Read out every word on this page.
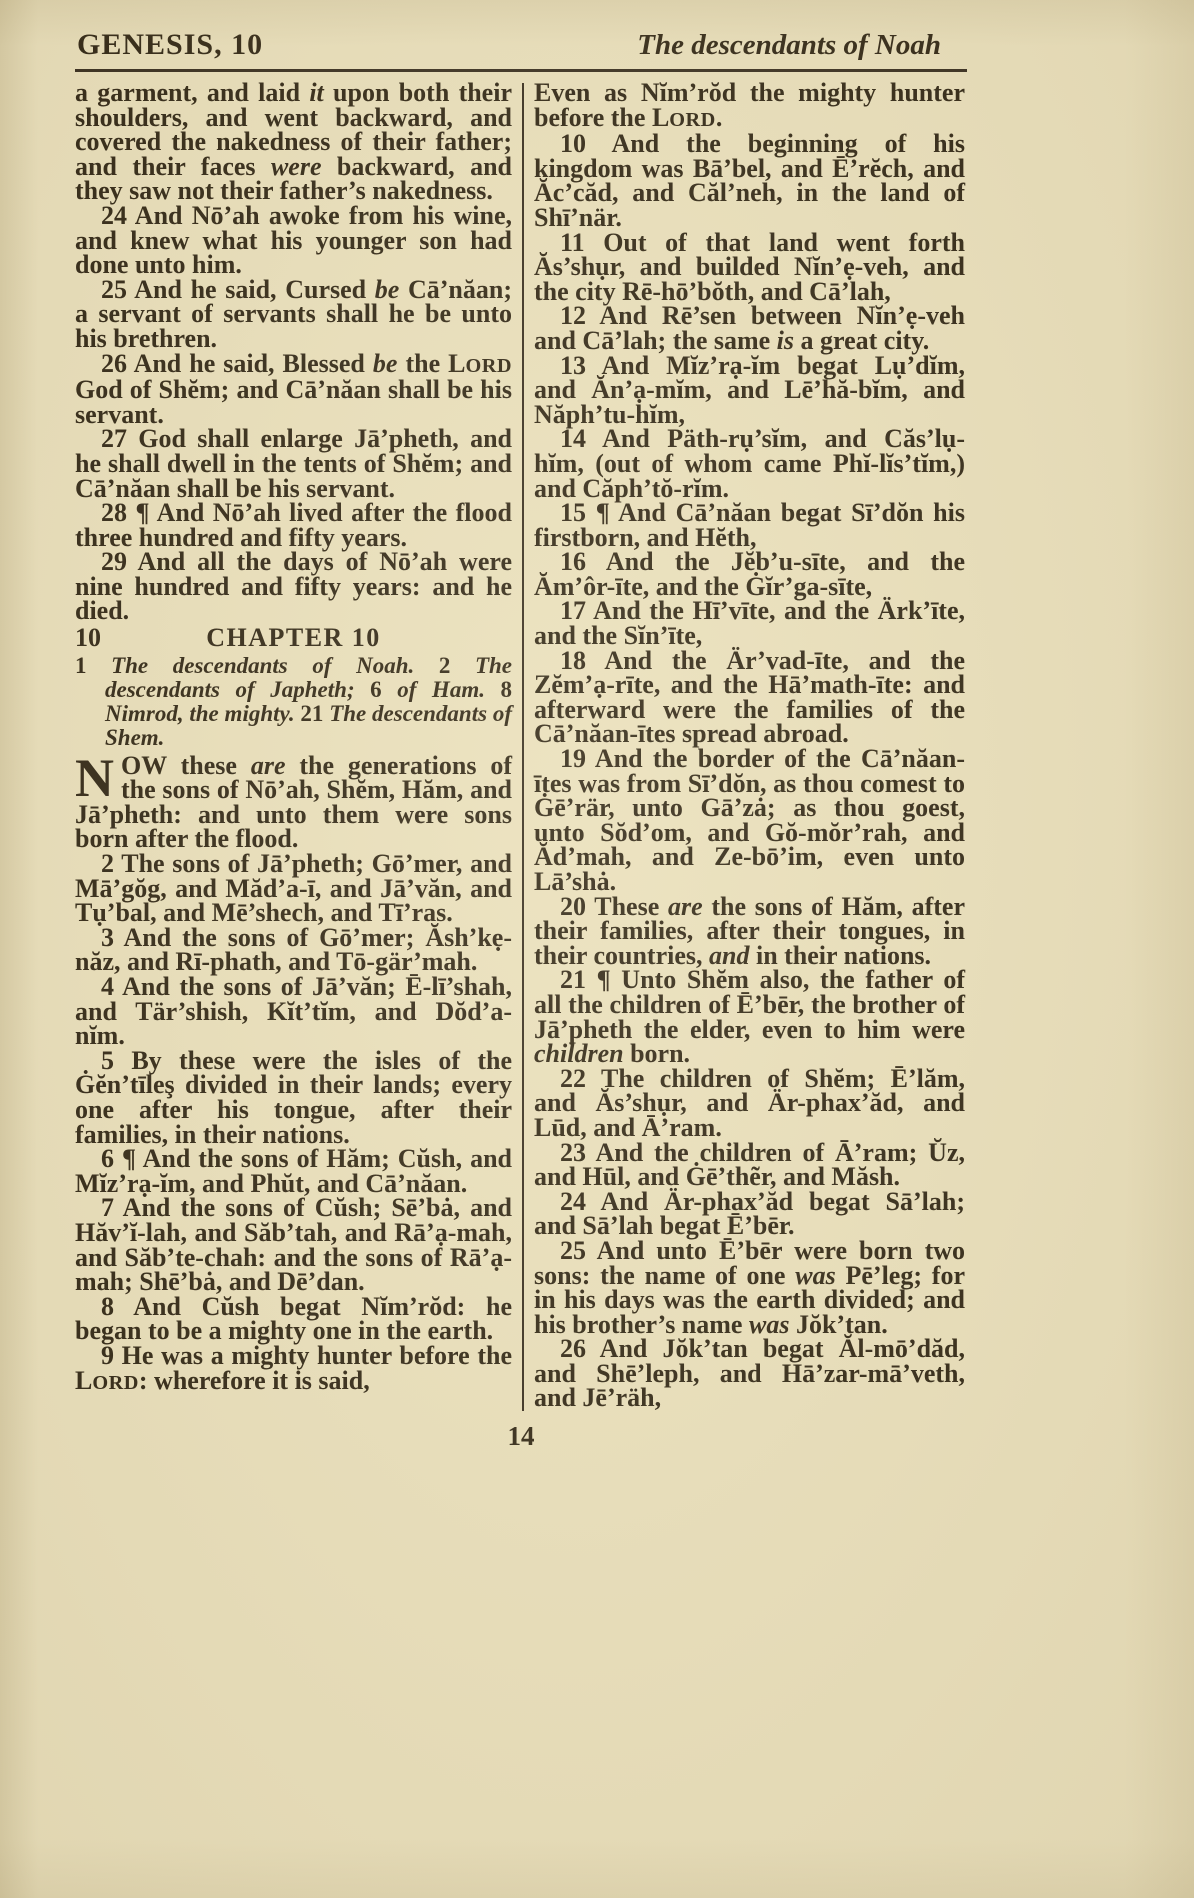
GENESIS, 10	The descendants of Noah

a garment, and laid it upon both their shoulders, and went backward, and covered the nakedness of their father; and their faces were backward, and they saw not their father’s nakedness.

24 And Nō’ah awoke from his wine, and knew what his younger son had done unto him.

25 And he said, Cursed be Cā’năan; a servant of servants shall he be unto his brethren.

26 And he said, Blessed be the LORD God of Shĕm; and Cā’năan shall be his servant.

27 God shall enlarge Jā’pheth, and he shall dwell in the tents of Shĕm; and Cā’năan shall be his servant.

28 ¶ And Nō’ah lived after the flood three hundred and fifty years.

29 And all the days of Nō’ah were nine hundred and fifty years: and he died.

10	CHAPTER 10

1 The descendants of Noah. 2 The descendants of Japheth; 6 of Ham. 8 Nimrod, the mighty. 21 The descendants of Shem.

NOW these are the generations of the sons of Nō’ah, Shĕm, Hăm, and Jā’pheth: and unto them were sons born after the flood.

2 The sons of Jā’pheth; Gō’mer, and Mā’gŏg, and Măd’a-ī, and Jā’văn, and Tụ’bal, and Mē’shech, and Tī’ras.

3 And the sons of Gō’mer; Ăsh’kẹ-năz, and Rī-phath, and Tō-gär’mah.

4 And the sons of Jā’văn; Ē-lī’shah, and Tär’shish, Kĭt’tĭm, and Dŏd’a-nĭm.

5 By these were the isles of the Ġĕn’tīleş divided in their lands; every one after his tongue, after their families, in their nations.

6 ¶ And the sons of Hăm; Cŭsh, and Mĭz’rạ-ĭm, and Phŭt, and Cā’năan.

7 And the sons of Cŭsh; Sē’bȧ, and Hăv’ĭ-lah, and Săb’tah, and Rā’ạ-mah, and Săb’te-chah: and the sons of Rā’ạ-mah; Shē’bȧ, and Dē’dan.

8 And Cŭsh begat Nĭm’rŏd: he began to be a mighty one in the earth.

9 He was a mighty hunter before the LORD: wherefore it is said,

Even as Nĭm’rŏd the mighty hunter before the LORD.

10 And the beginning of his kingdom was Bā’bel, and Ē’rĕch, and Ăc’căd, and Căl’neh, in the land of Shī’när.

11 Out of that land went forth Ăs’shụr, and builded Nĭn’ẹ-veh, and the city Rē-hō’bŏth, and Cā’lah,

12 And Rē’sen between Nĭn’ẹ-veh and Cā’lah; the same is a great city.

13 And Mĭz’rạ-ĭm begat Lụ’dĭm, and Ăn’ạ-mĭm, and Lē’hă-bĭm, and Năph’tu-hĭm,

14 And Päth-rụ’sĭm, and Căs’lụ-hĭm, (out of whom came Phĭ-lĭs’tĭm,) and Căph’tŏ-rĭm.

15 ¶ And Cā’năan begat Sī’dŏn his firstborn, and Hĕth,

16 And the Jĕb’u-sīte, and the Ăm’ôr-īte, and the Ġĭr’ga-sīte,

17 And the Hī’vīte, and the Ärk’īte, and the Sĭn’īte,

18 And the Är’vad-īte, and the Zĕm’ạ-rīte, and the Hā’math-īte: and afterward were the families of the Cā’năan-ītes spread abroad.

19 And the border of the Cā’năan-ītes was from Sī’dŏn, as thou comest to Ġē’rär, unto Gā’zȧ; as thou goest, unto Sŏd’om, and Gŏ-mŏr’rah, and Ăd’mah, and Ze-bō’im, even unto Lā’shȧ.

20 These are the sons of Hăm, after their families, after their tongues, in their countries, and in their nations.

21 ¶ Unto Shĕm also, the father of all the children of Ē’bēr, the brother of Jā’pheth the elder, even to him were children born.

22 The children of Shĕm; Ē’lăm, and Ăs’shụr, and Är-phax’ăd, and Lūd, and Ā’ram.

23 And the children of Ā’ram; Ŭz, and Hūl, and Ġē’thẽr, and Măsh.

24 And Är-phax’ăd begat Sā’lah; and Sā’lah begat Ē’bēr.

25 And unto Ē’bēr were born two sons: the name of one was Pē’leg; for in his days was the earth divided; and his brother’s name was Jŏk’tan.

26 And Jŏk’tan begat Ăl-mō’dăd, and Shē’leph, and Hā’zar-mā’veth, and Jē’räh,

14
